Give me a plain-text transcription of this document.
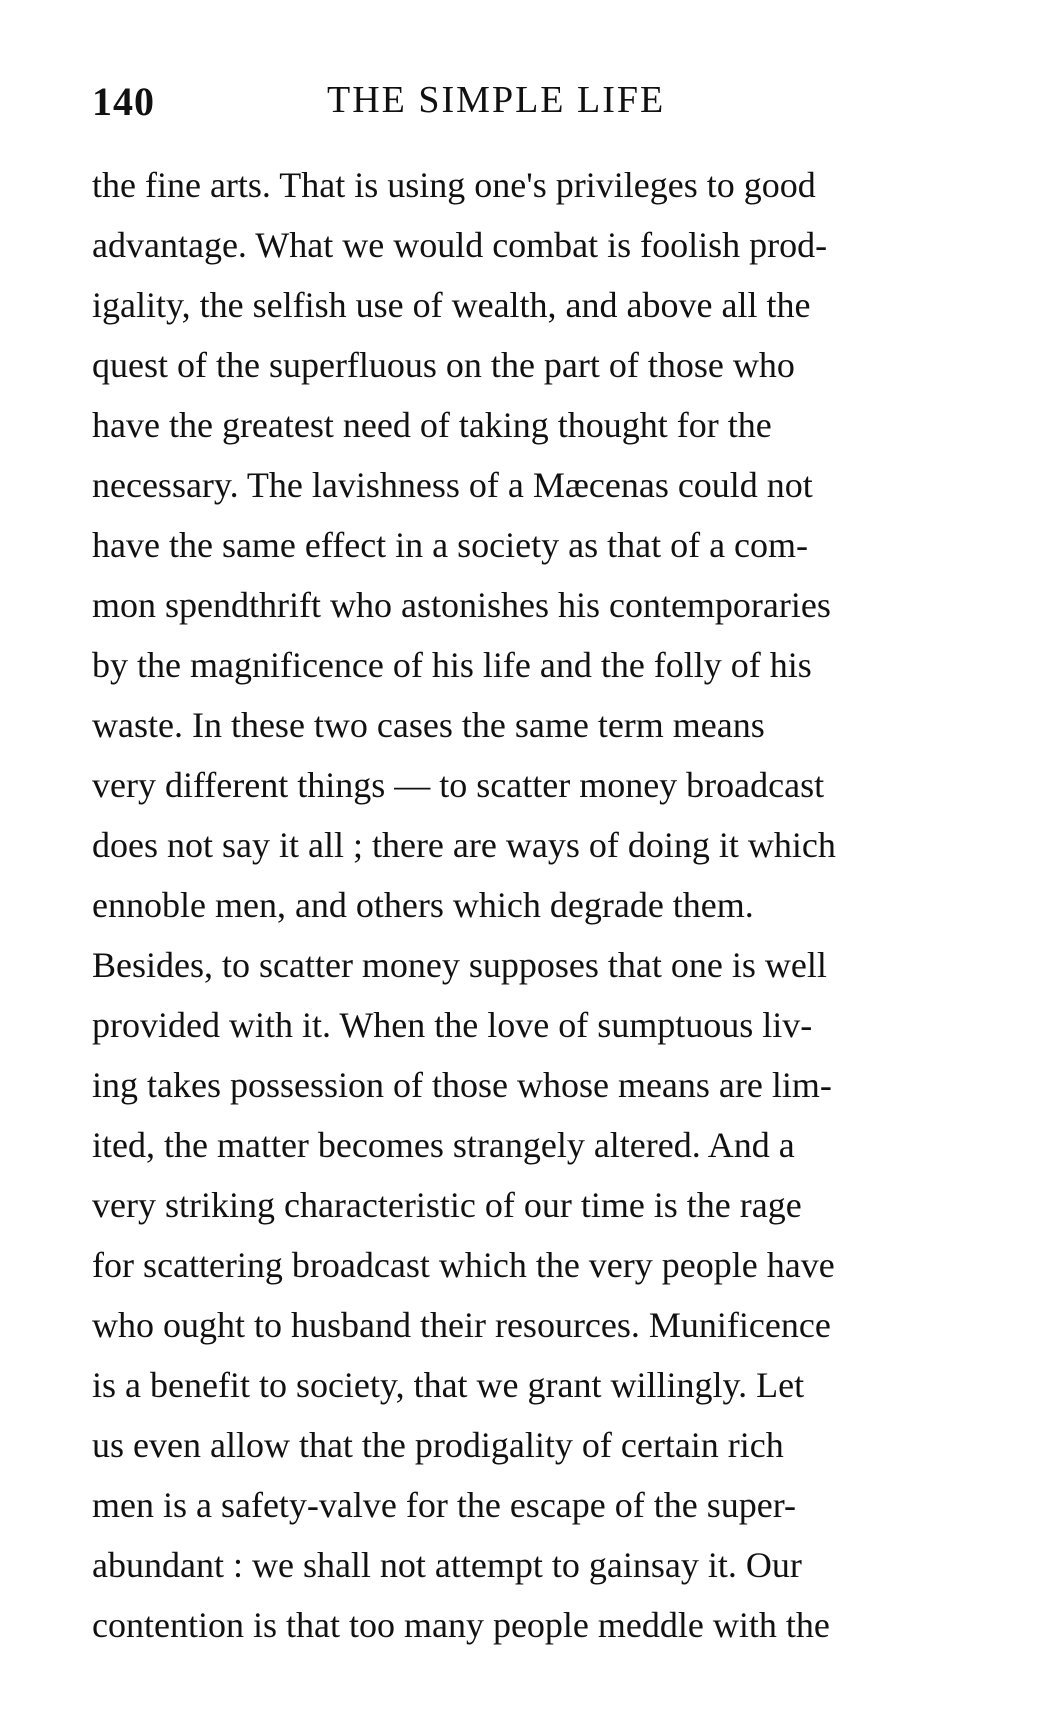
140	THE SIMPLE LIFE
the fine arts. That is using one's privileges to good
advantage. What we would combat is foolish prod-
igality, the selfish use of wealth, and above all the
quest of the superfluous on the part of those who
have the greatest need of taking thought for the
necessary. The lavishness of a Mæcenas could not
have the same effect in a society as that of a com-
mon spendthrift who astonishes his contemporaries
by the magnificence of his life and the folly of his
waste. In these two cases the same term means
very different things — to scatter money broadcast
does not say it all ; there are ways of doing it which
ennoble men, and others which degrade them.
Besides, to scatter money supposes that one is well
provided with it. When the love of sumptuous liv-
ing takes possession of those whose means are lim-
ited, the matter becomes strangely altered. And a
very striking characteristic of our time is the rage
for scattering broadcast which the very people have
who ought to husband their resources. Munificence
is a benefit to society, that we grant willingly. Let
us even allow that the prodigality of certain rich
men is a safety-valve for the escape of the super-
abundant : we shall not attempt to gainsay it. Our
contention is that too many people meddle with the
